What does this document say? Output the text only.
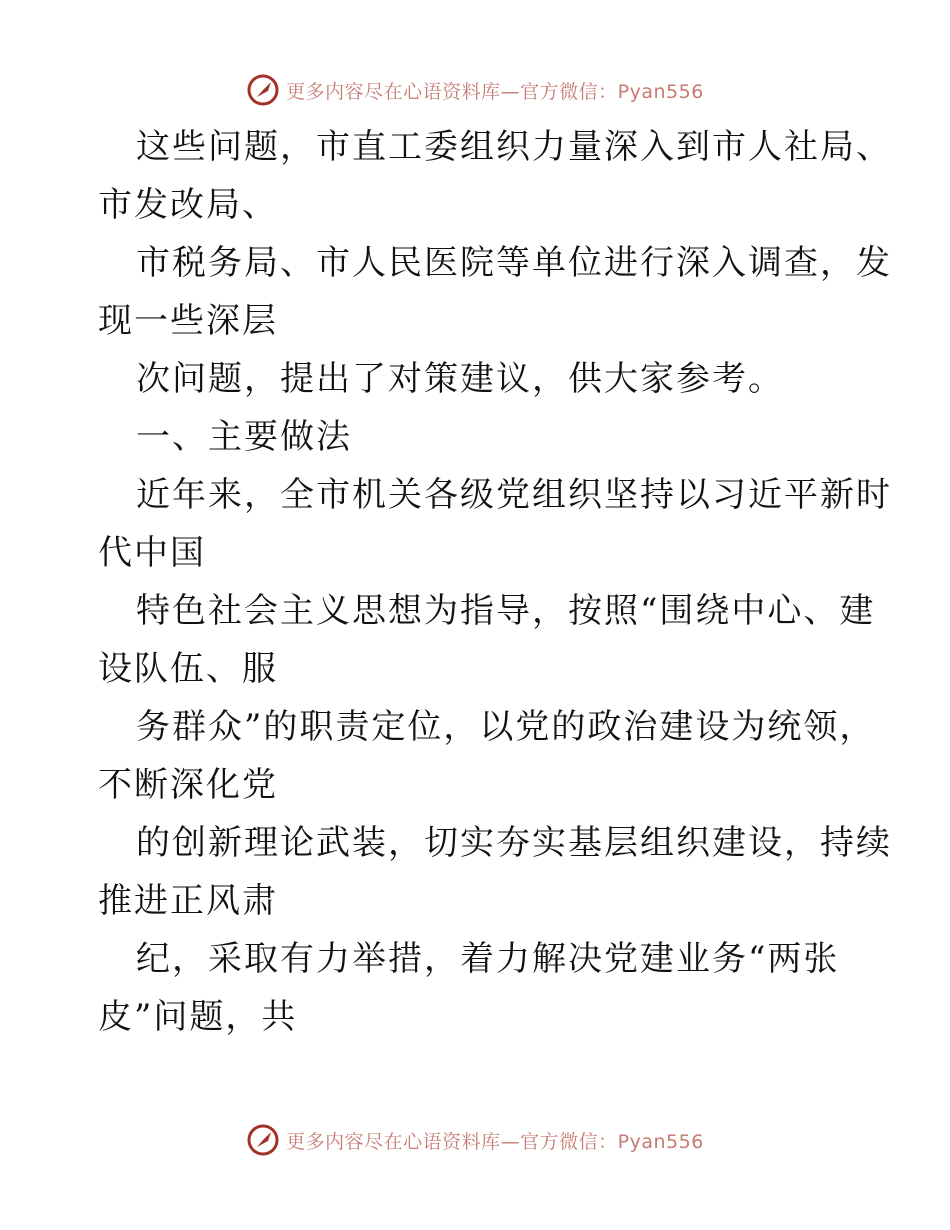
更多内容尽在心语资料库—官方微信：Pyan556
这些问题，市直工委组织力量深入到市人社局、
市发改局、
市税务局、市人民医院等单位进行深入调查，发
现一些深层
次问题，提出了对策建议，供大家参考。
一、主要做法
近年来，全市机关各级党组织坚持以习近平新时
代中国
特色社会主义思想为指导，按照“围绕中心、建
设队伍、服
务群众”的职责定位，以党的政治建设为统领，
不断深化党
的创新理论武装，切实夯实基层组织建设，持续
推进正风肃
纪，采取有力举措，着力解决党建业务“两张
皮”问题，共
更多内容尽在心语资料库—官方微信：Pyan556
